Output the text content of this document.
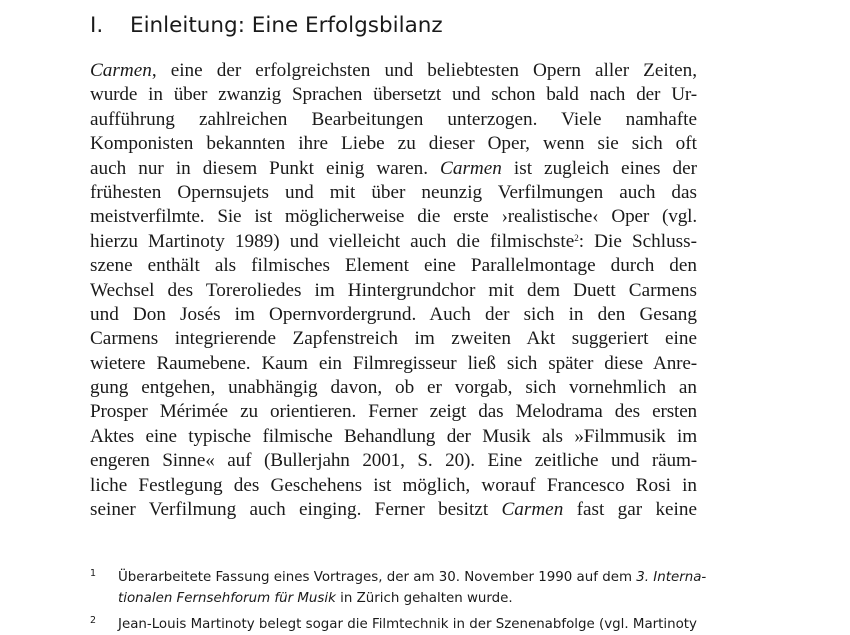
I. Einleitung: Eine Erfolgsbilanz
Carmen, eine der erfolgreichsten und beliebtesten Opern aller Zeiten,
wurde in über zwanzig Sprachen übersetzt und schon bald nach der Ur-
aufführung zahlreichen Bearbeitungen unterzogen. Viele namhafte
Komponisten bekannten ihre Liebe zu dieser Oper, wenn sie sich oft
auch nur in diesem Punkt einig waren. Carmen ist zugleich eines der
frühesten Opernsujets und mit über neunzig Verfilmungen auch das
meistverfilmte. Sie ist möglicherweise die erste ›realistische‹ Oper (vgl.
hierzu Martinoty 1989) und vielleicht auch die filmischste$^2$: Die Schluss-
szene enthält als filmisches Element eine Parallelmontage durch den
Wechsel des Toreroliedes im Hintergrundchor mit dem Duett Carmens
und Don Josés im Opernvordergrund. Auch der sich in den Gesang
Carmens integrierende Zapfenstreich im zweiten Akt suggeriert eine
wietere Raumebene. Kaum ein Filmregisseur ließ sich später diese Anre-
gung entgehen, unabhängig davon, ob er vorgab, sich vornehmlich an
Prosper Mérimée zu orientieren. Ferner zeigt das Melodrama des ersten
Aktes eine typische filmische Behandlung der Musik als »Filmmusik im
engeren Sinne« auf (Bullerjahn 2001, S. 20). Eine zeitliche und räum-
liche Festlegung des Geschehens ist möglich, worauf Francesco Rosi in
seiner Verfilmung auch einging. Ferner besitzt Carmen fast gar keine
1 Überarbeitete Fassung eines Vortrages, der am 30. November 1990 auf dem 3. Interna-
tionalen Fernsehforum für Musik in Zürich gehalten wurde.
2 Jean-Louis Martinoty belegt sogar die Filmtechnik in der Szenenabfolge (vgl. Martinoty
